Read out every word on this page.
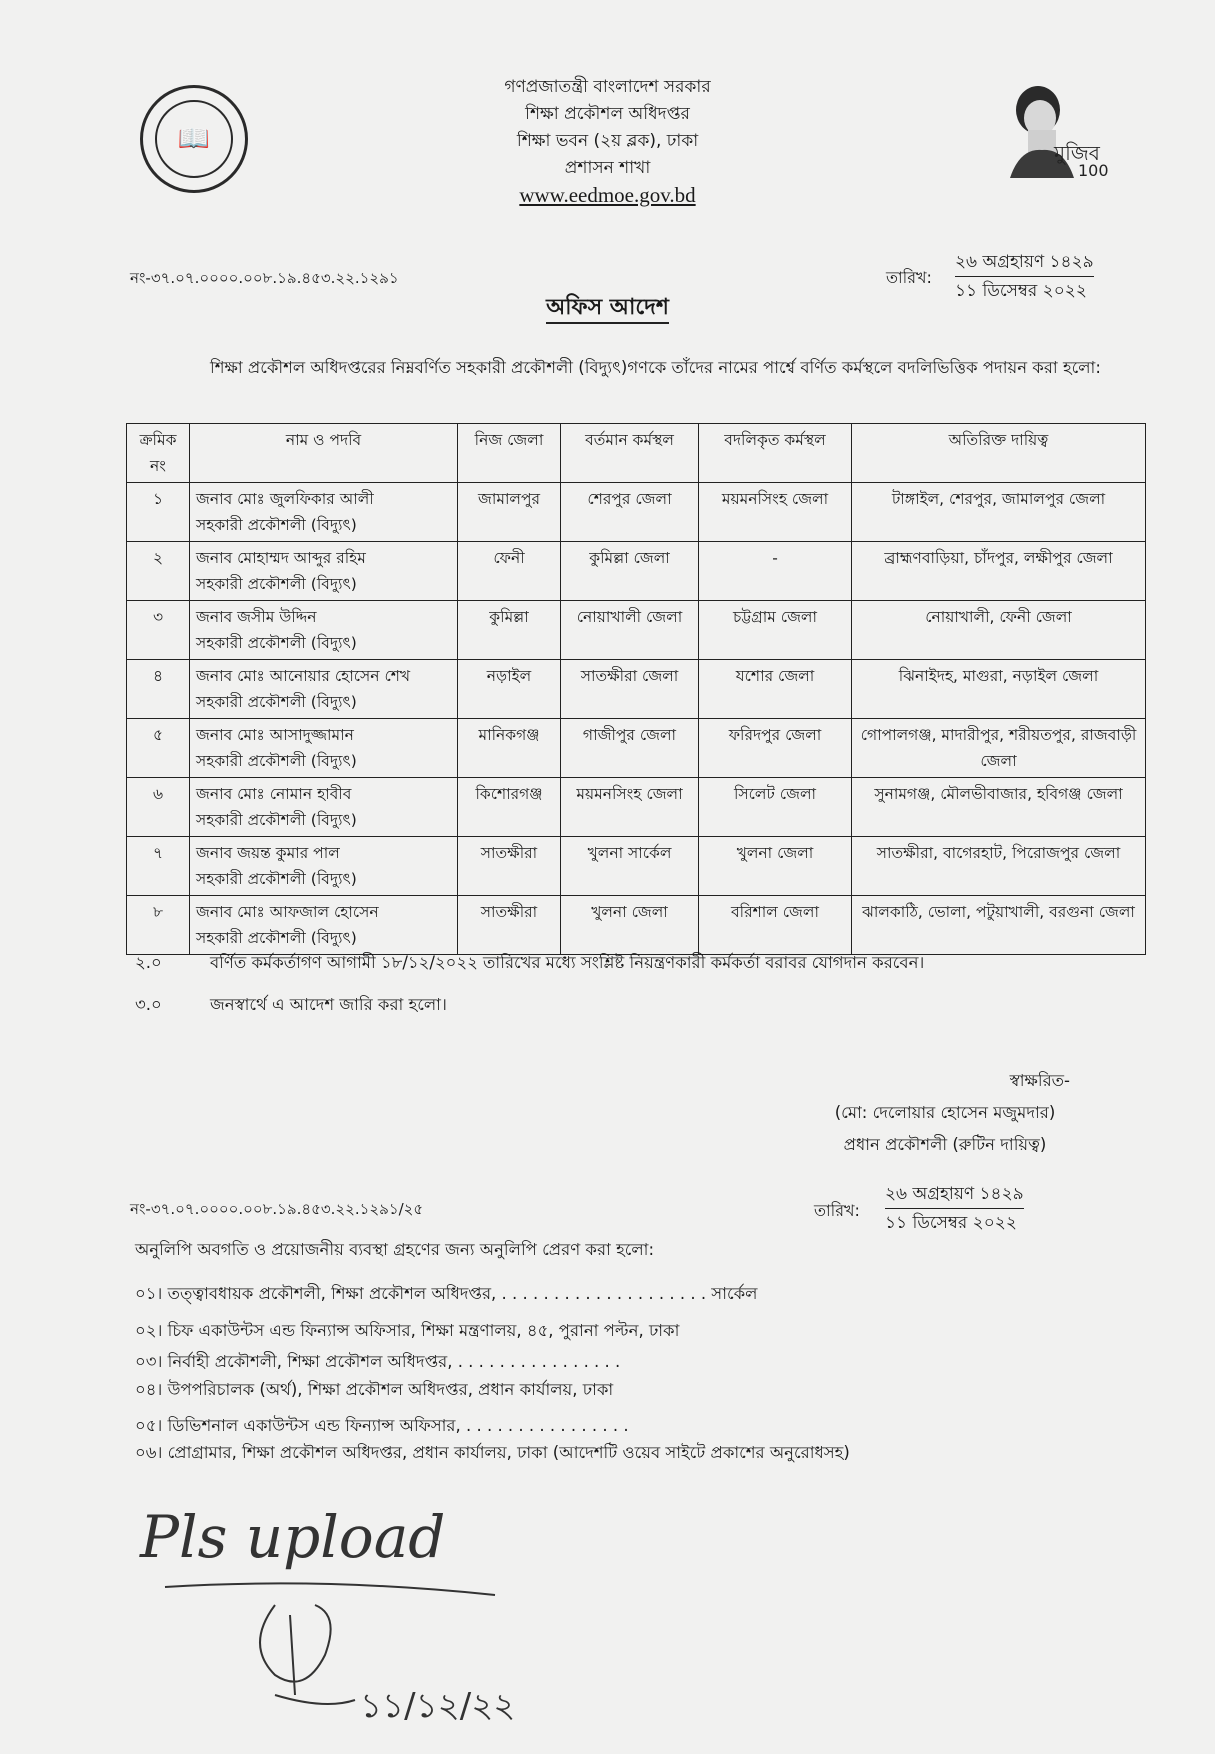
📖
গণপ্রজাতন্ত্রী বাংলাদেশ সরকার
শিক্ষা প্রকৌশল অধিদপ্তর
শিক্ষা ভবন (২য় ব্লক), ঢাকা
প্রশাসন শাখা
www.eedmoe.gov.bd
মুজিব
100
নং-৩৭.০৭.০০০০.০০৮.১৯.৪৫৩.২২.১২৯১	তারিখ:
২৬ অগ্রহায়ণ ১৪২৯
১১ ডিসেম্বর ২০২২
অফিস আদেশ
শিক্ষা প্রকৌশল অধিদপ্তরের নিম্নবর্ণিত সহকারী প্রকৌশলী (বিদ্যুৎ)গণকে তাঁদের নামের পার্শ্বে বর্ণিত কর্মস্থলে বদলিভিত্তিক পদায়ন করা হলো:
ক্রমিক নং	নাম ও পদবি	নিজ জেলা	বর্তমান কর্মস্থল	বদলিকৃত কর্মস্থল	অতিরিক্ত দায়িত্ব
১	জনাব মোঃ জুলফিকার আলী
সহকারী প্রকৌশলী (বিদ্যুৎ)	জামালপুর	শেরপুর জেলা	ময়মনসিংহ জেলা	টাঙ্গাইল, শেরপুর, জামালপুর জেলা
২	জনাব মোহাম্মদ আব্দুর রহিম
সহকারী প্রকৌশলী (বিদ্যুৎ)	ফেনী	কুমিল্লা জেলা	-	ব্রাহ্মণবাড়িয়া, চাঁদপুর, লক্ষীপুর জেলা
৩	জনাব জসীম উদ্দিন
সহকারী প্রকৌশলী (বিদ্যুৎ)	কুমিল্লা	নোয়াখালী জেলা	চট্টগ্রাম জেলা	নোয়াখালী, ফেনী জেলা
৪	জনাব মোঃ আনোয়ার হোসেন শেখ
সহকারী প্রকৌশলী (বিদ্যুৎ)	নড়াইল	সাতক্ষীরা জেলা	যশোর জেলা	ঝিনাইদহ, মাগুরা, নড়াইল জেলা
৫	জনাব মোঃ আসাদুজ্জামান
সহকারী প্রকৌশলী (বিদ্যুৎ)	মানিকগঞ্জ	গাজীপুর জেলা	ফরিদপুর জেলা	গোপালগঞ্জ, মাদারীপুর, শরীয়তপুর, রাজবাড়ী জেলা
৬	জনাব মোঃ নোমান হাবীব
সহকারী প্রকৌশলী (বিদ্যুৎ)	কিশোরগঞ্জ	ময়মনসিংহ জেলা	সিলেট জেলা	সুনামগঞ্জ, মৌলভীবাজার, হবিগঞ্জ জেলা
৭	জনাব জয়ন্ত কুমার পাল
সহকারী প্রকৌশলী (বিদ্যুৎ)	সাতক্ষীরা	খুলনা সার্কেল	খুলনা জেলা	সাতক্ষীরা, বাগেরহাট, পিরোজপুর জেলা
৮	জনাব মোঃ আফজাল হোসেন
সহকারী প্রকৌশলী (বিদ্যুৎ)	সাতক্ষীরা	খুলনা জেলা	বরিশাল জেলা	ঝালকাঠি, ভোলা, পটুয়াখালী, বরগুনা জেলা
২.০	বর্ণিত কর্মকর্তাগণ আগামী ১৮/১২/২০২২ তারিখের মধ্যে সংশ্লিষ্ট নিয়ন্ত্রণকারী কর্মকর্তা বরাবর যোগদান করবেন।
৩.০	জনস্বার্থে এ আদেশ জারি করা হলো।
স্বাক্ষরিত-
(মো: দেলোয়ার হোসেন মজুমদার)
প্রধান প্রকৌশলী (রুটিন দায়িত্ব)
নং-৩৭.০৭.০০০০.০০৮.১৯.৪৫৩.২২.১২৯১/২৫	তারিখ:
২৬ অগ্রহায়ণ ১৪২৯
১১ ডিসেম্বর ২০২২
অনুলিপি অবগতি ও প্রয়োজনীয় ব্যবস্থা গ্রহণের জন্য অনুলিপি প্রেরণ করা হলো:
০১। তত্ত্বাবধায়ক প্রকৌশলী, শিক্ষা প্রকৌশল অধিদপ্তর, . . . . . . . . . . . . . . . . . . . . সার্কেল
০২। চিফ একাউন্টস এন্ড ফিন্যান্স অফিসার, শিক্ষা মন্ত্রণালয়, ৪৫, পুরানা পল্টন, ঢাকা
০৩। নির্বাহী প্রকৌশলী, শিক্ষা প্রকৌশল অধিদপ্তর, . . . . . . . . . . . . . . . .
০৪। উপপরিচালক (অর্থ), শিক্ষা প্রকৌশল অধিদপ্তর, প্রধান কার্যালয়, ঢাকা
০৫। ডিভিশনাল একাউন্টস এন্ড ফিন্যান্স অফিসার, . . . . . . . . . . . . . . . .
০৬। প্রোগ্রামার, শিক্ষা প্রকৌশল অধিদপ্তর, প্রধান কার্যালয়, ঢাকা (আদেশটি ওয়েব সাইটে প্রকাশের অনুরোধসহ)
Pls upload
১১/১২/২২
